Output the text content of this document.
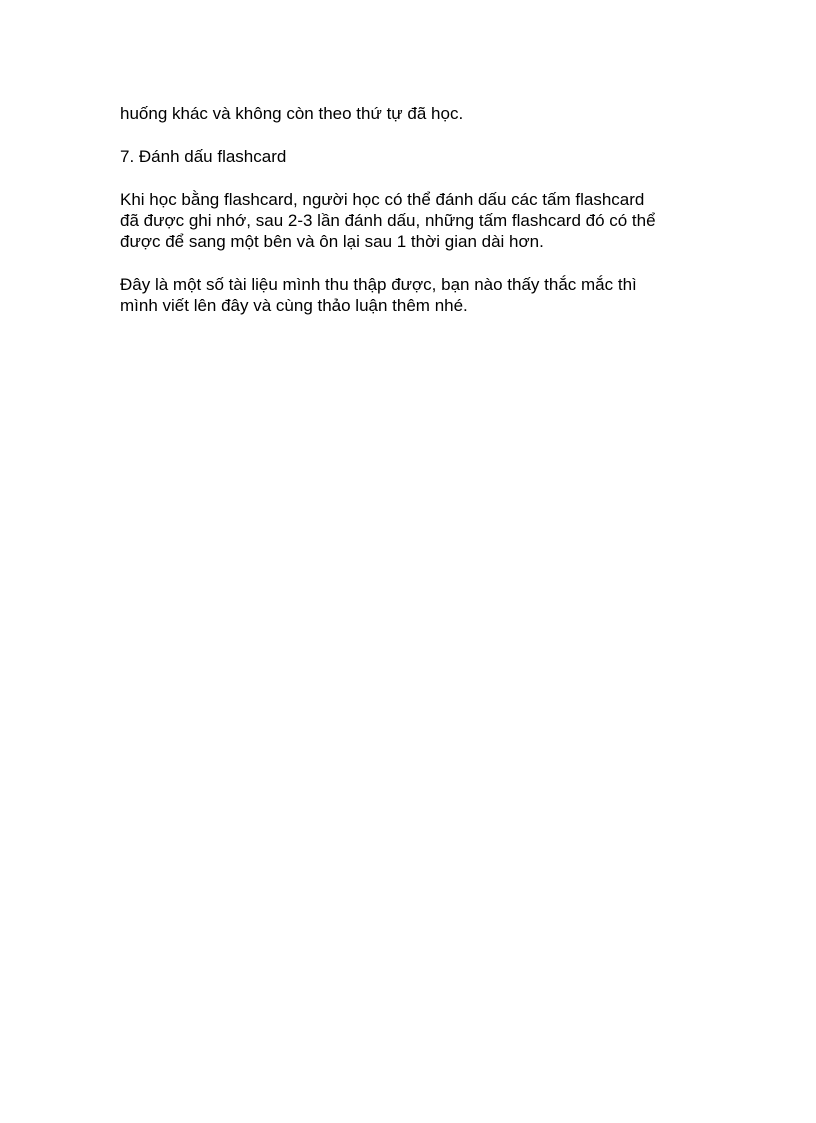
huống khác và không còn theo thứ tự đã học.

7. Đánh dấu flashcard

Khi học bằng flashcard, người học có thể đánh dấu các tấm flashcard
đã được ghi nhớ, sau 2-3 lần đánh dấu, những tấm flashcard đó có thể
được để sang một bên và ôn lại sau 1 thời gian dài hơn.

Đây là một số tài liệu mình thu thập được, bạn nào thấy thắc mắc thì
mình viết lên đây và cùng thảo luận thêm nhé.
